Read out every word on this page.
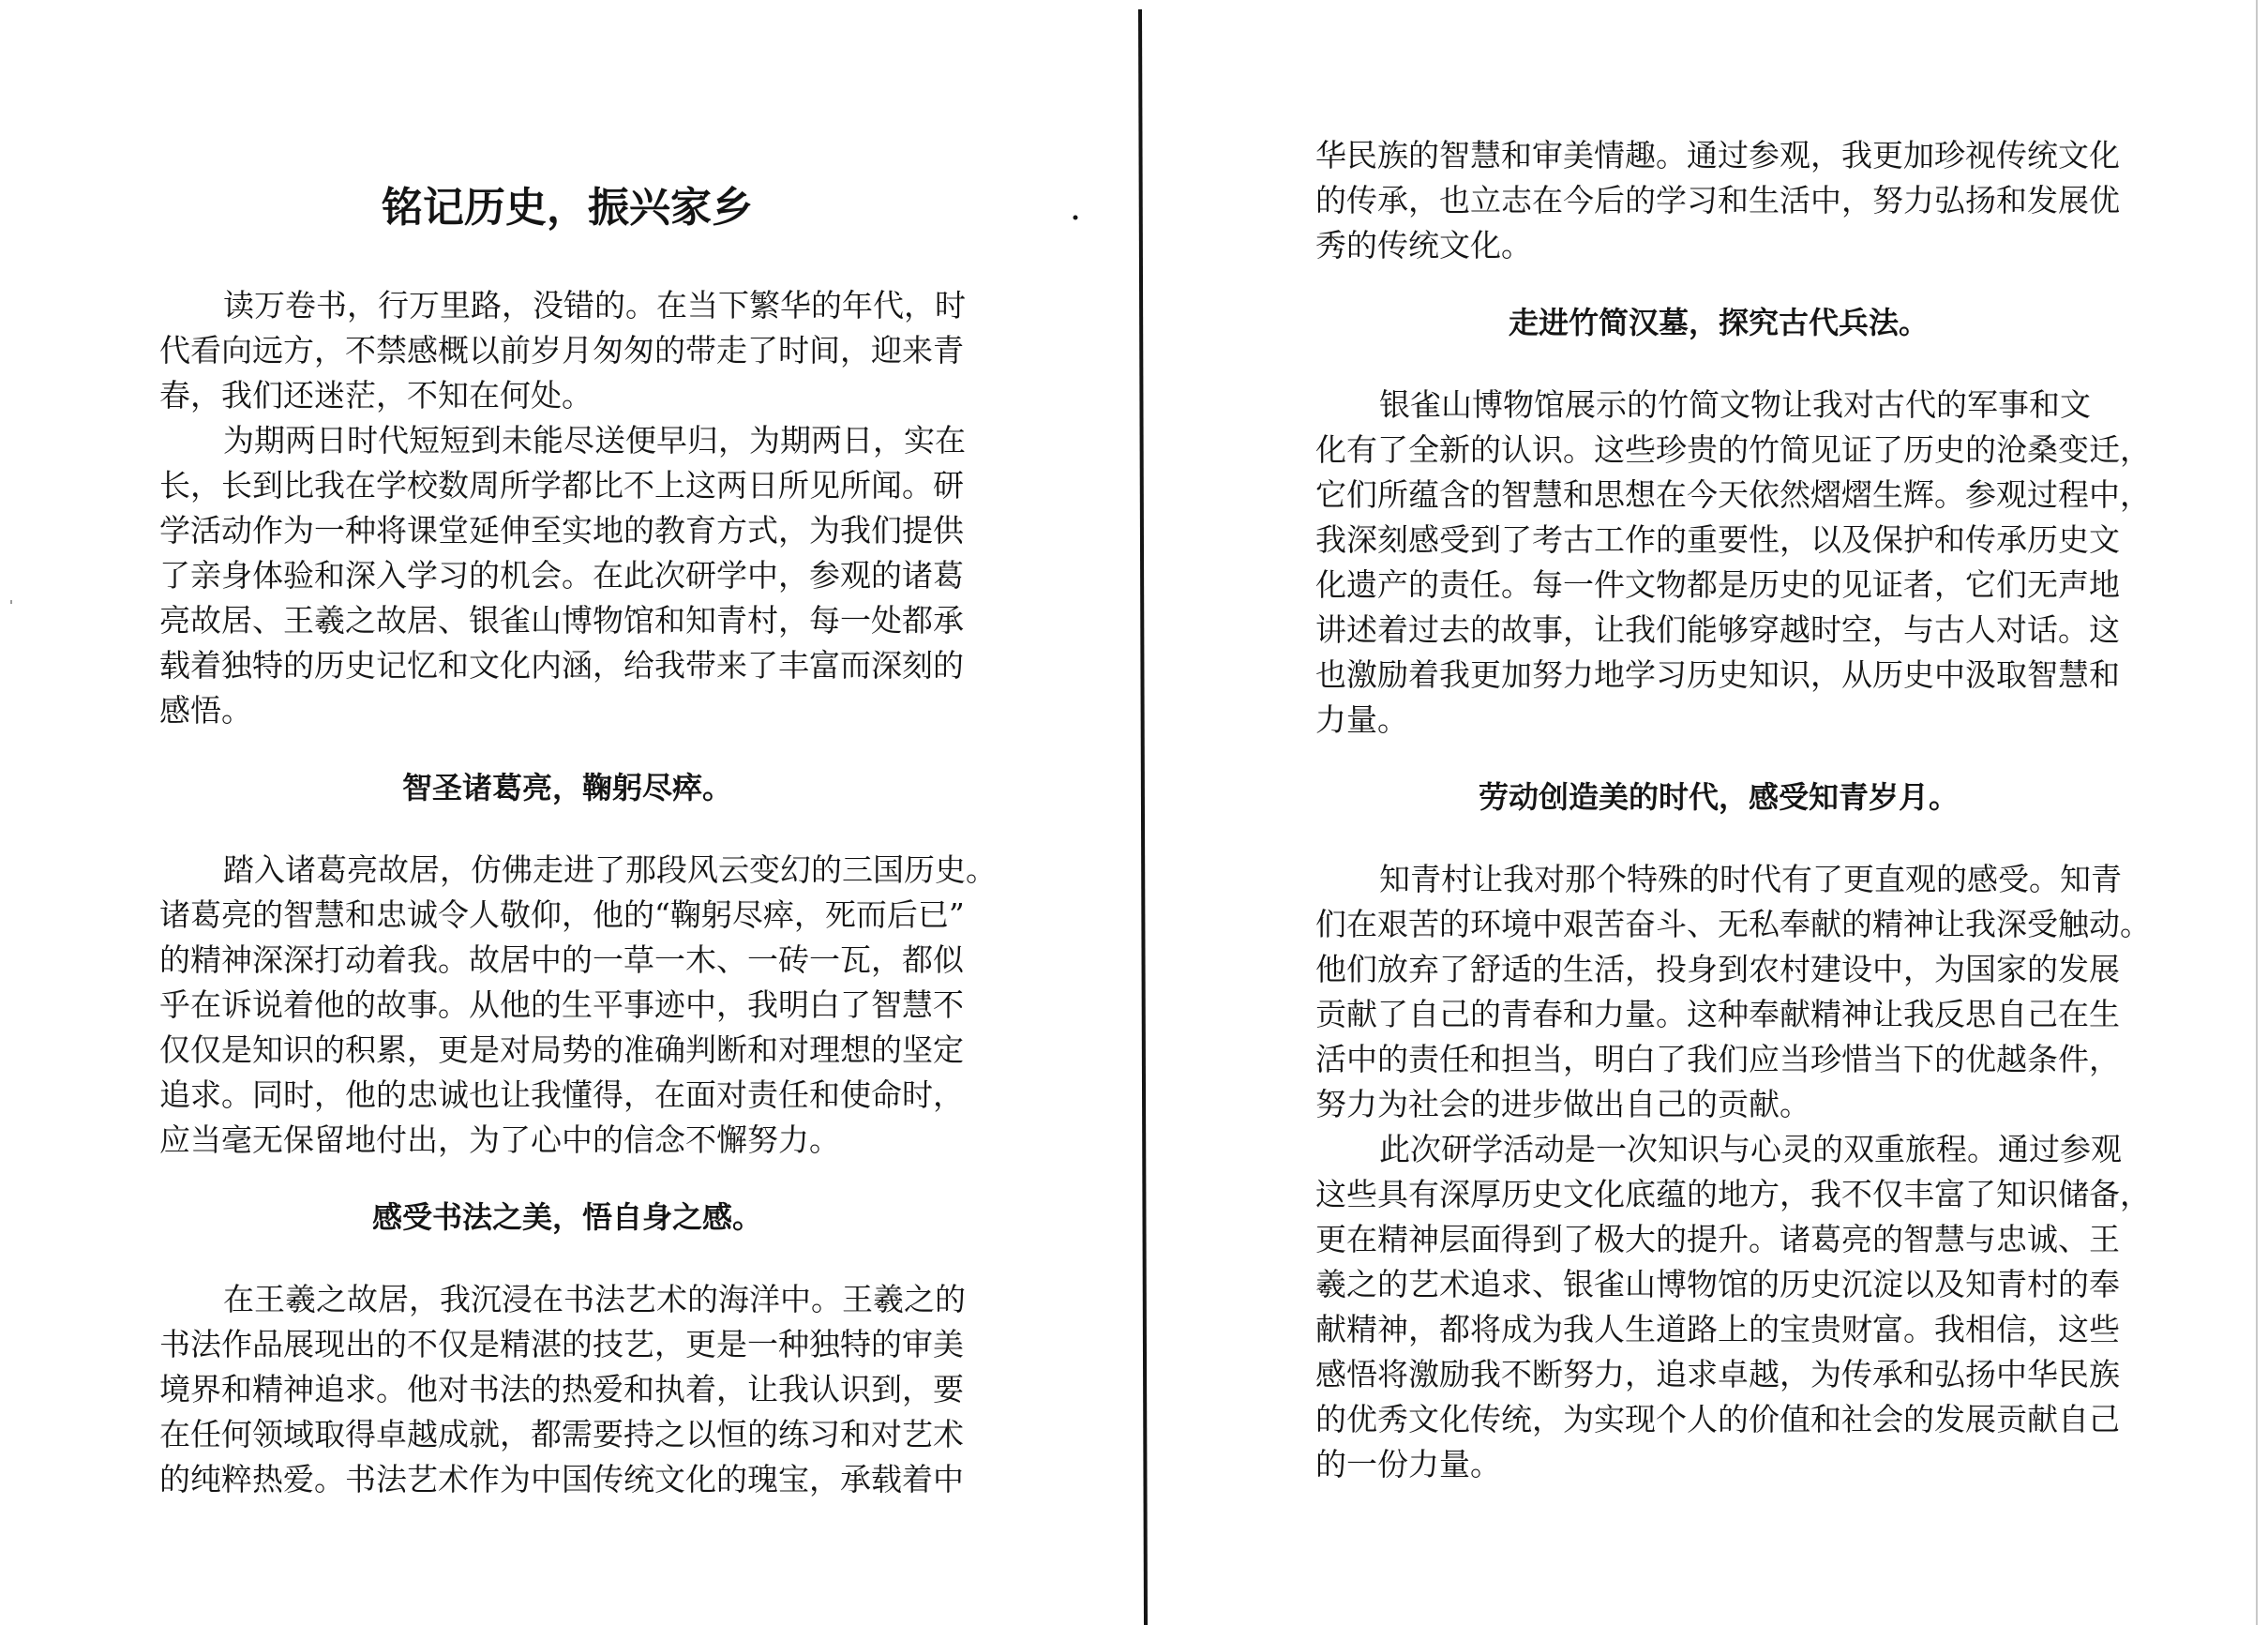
铭记历史，振兴家乡
读万卷书，行万里路，没错的。在当下繁华的年代，时
代看向远方，不禁感概以前岁月匆匆的带走了时间，迎来青
春，我们还迷茫，不知在何处。
为期两日时代短短到未能尽送便早归，为期两日，实在
长，长到比我在学校数周所学都比不上这两日所见所闻。研
学活动作为一种将课堂延伸至实地的教育方式，为我们提供
了亲身体验和深入学习的机会。在此次研学中，参观的诸葛
亮故居、王羲之故居、银雀山博物馆和知青村，每一处都承
载着独特的历史记忆和文化内涵，给我带来了丰富而深刻的
感悟。
智圣诸葛亮，鞠躬尽瘁。
踏入诸葛亮故居，仿佛走进了那段风云变幻的三国历史。
诸葛亮的智慧和忠诚令人敬仰，他的“鞠躬尽瘁，死而后已”
的精神深深打动着我。故居中的一草一木、一砖一瓦，都似
乎在诉说着他的故事。从他的生平事迹中，我明白了智慧不
仅仅是知识的积累，更是对局势的准确判断和对理想的坚定
追求。同时，他的忠诚也让我懂得，在面对责任和使命时，
应当毫无保留地付出，为了心中的信念不懈努力。
感受书法之美，悟自身之感。
在王羲之故居，我沉浸在书法艺术的海洋中。王羲之的
书法作品展现出的不仅是精湛的技艺，更是一种独特的审美
境界和精神追求。他对书法的热爱和执着，让我认识到，要
在任何领域取得卓越成就，都需要持之以恒的练习和对艺术
的纯粹热爱。书法艺术作为中国传统文化的瑰宝，承载着中
华民族的智慧和审美情趣。通过参观，我更加珍视传统文化
的传承，也立志在今后的学习和生活中，努力弘扬和发展优
秀的传统文化。
走进竹简汉墓，探究古代兵法。
银雀山博物馆展示的竹简文物让我对古代的军事和文
化有了全新的认识。这些珍贵的竹简见证了历史的沧桑变迁，
它们所蕴含的智慧和思想在今天依然熠熠生辉。参观过程中，
我深刻感受到了考古工作的重要性，以及保护和传承历史文
化遗产的责任。每一件文物都是历史的见证者，它们无声地
讲述着过去的故事，让我们能够穿越时空，与古人对话。这
也激励着我更加努力地学习历史知识，从历史中汲取智慧和
力量。
劳动创造美的时代，感受知青岁月。
知青村让我对那个特殊的时代有了更直观的感受。知青
们在艰苦的环境中艰苦奋斗、无私奉献的精神让我深受触动。
他们放弃了舒适的生活，投身到农村建设中，为国家的发展
贡献了自己的青春和力量。这种奉献精神让我反思自己在生
活中的责任和担当，明白了我们应当珍惜当下的优越条件，
努力为社会的进步做出自己的贡献。
此次研学活动是一次知识与心灵的双重旅程。通过参观
这些具有深厚历史文化底蕴的地方，我不仅丰富了知识储备，
更在精神层面得到了极大的提升。诸葛亮的智慧与忠诚、王
羲之的艺术追求、银雀山博物馆的历史沉淀以及知青村的奉
献精神，都将成为我人生道路上的宝贵财富。我相信，这些
感悟将激励我不断努力，追求卓越，为传承和弘扬中华民族
的优秀文化传统，为实现个人的价值和社会的发展贡献自己
的一份力量。
